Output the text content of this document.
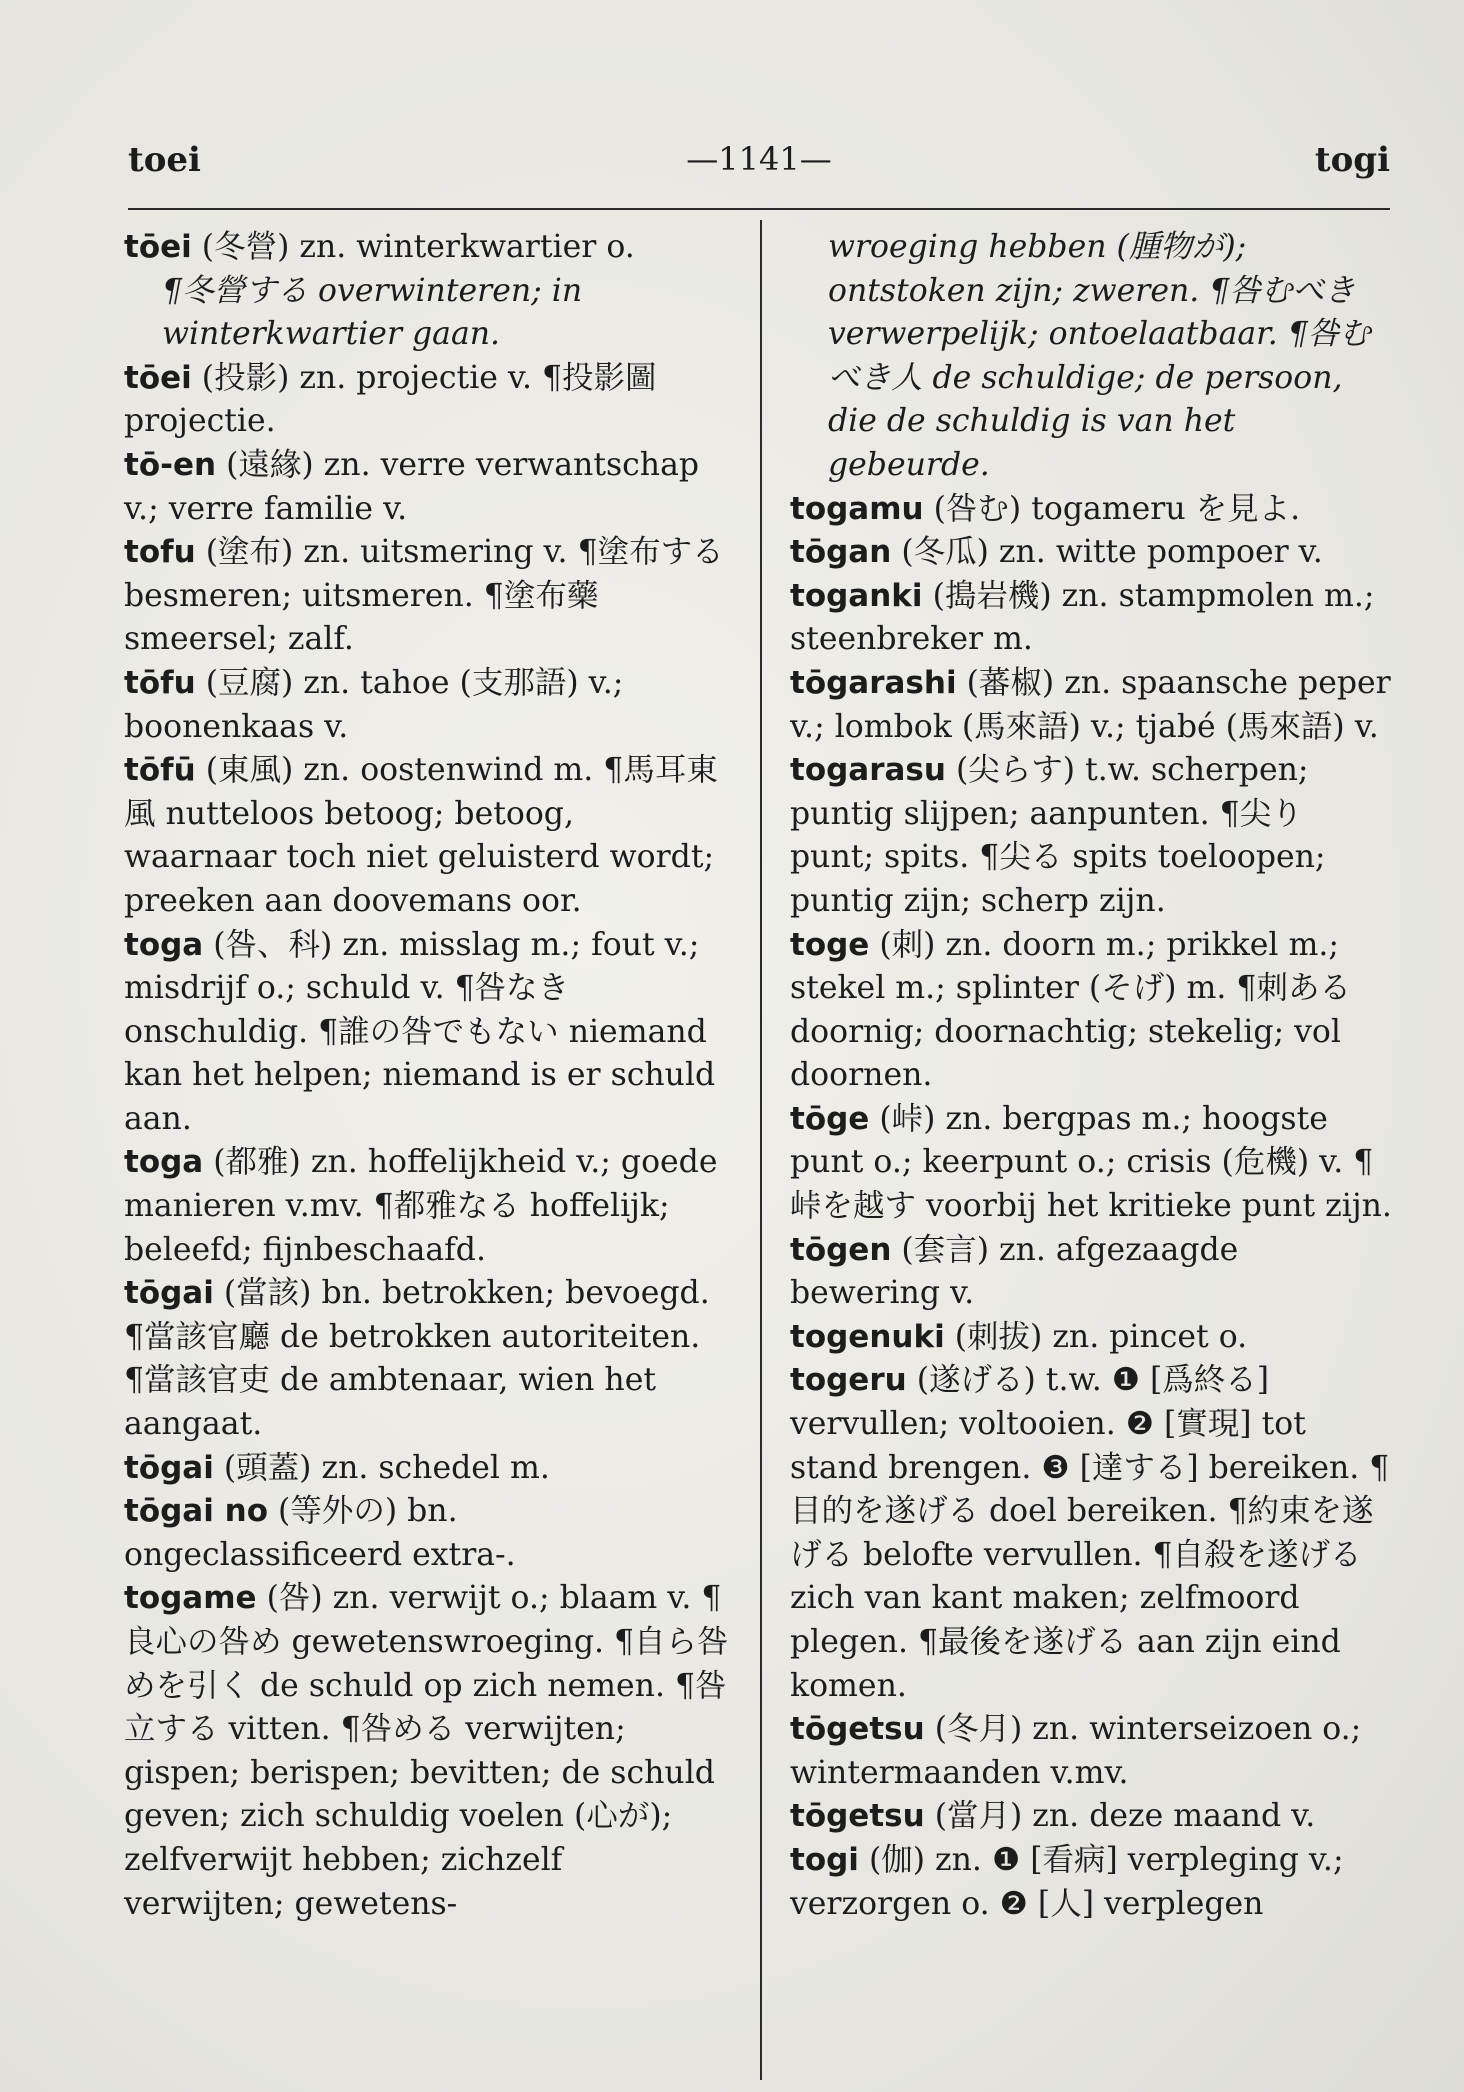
—1141—
toei	togi

tōei (冬營) zn. winterkwartier o.

¶冬營する overwinteren; in winterkwartier gaan.

tōei (投影) zn. projectie v. ¶投影圖 projectie.

tō-en (遠緣) zn. verre verwantschap v.; verre familie v.

tofu (塗布) zn. uitsmering v. ¶塗布する besmeren; uitsmeren. ¶塗布藥 smeersel; zalf.

tōfu (豆腐) zn. tahoe (支那語) v.; boonenkaas v.

tōfū (東風) zn. oostenwind m. ¶馬耳東風 nutteloos betoog; betoog, waarnaar toch niet geluisterd wordt; preeken aan doovemans oor.

toga (咎、科) zn. misslag m.; fout v.; misdrijf o.; schuld v. ¶咎なき onschuldig. ¶誰の咎でもない niemand kan het helpen; niemand is er schuld aan.

toga (都雅) zn. hoffelijkheid v.; goede manieren v.mv. ¶都雅なる hoffelijk; beleefd; fijnbeschaafd.

tōgai (當該) bn. betrokken; bevoegd. ¶當該官廳 de betrokken autoriteiten. ¶當該官吏 de ambtenaar, wien het aangaat.

tōgai (頭蓋) zn. schedel m.

tōgai no (等外の) bn. ongeclassificeerd extra-.

togame (咎) zn. verwijt o.; blaam v. ¶良心の咎め gewetenswroeging. ¶自ら咎めを引く de schuld op zich nemen. ¶咎立する vitten. ¶咎める verwijten; gispen; berispen; bevitten; de schuld geven; zich schuldig voelen (心が); zelfverwijt hebben; zichzelf verwijten; gewetens-

wroeging hebben (腫物が); ontstoken zijn; zweren. ¶咎むべき verwerpelijk; ontoelaatbaar. ¶咎むべき人 de schuldige; de persoon, die de schuldig is van het gebeurde.

togamu (咎む) togameru を見よ.

tōgan (冬瓜) zn. witte pompoer v.

toganki (搗岩機) zn. stampmolen m.; steenbreker m.

tōgarashi (蕃椒) zn. spaansche peper v.; lombok (馬來語) v.; tjabé (馬來語) v.

togarasu (尖らす) t.w. scherpen; puntig slijpen; aanpunten. ¶尖り punt; spits. ¶尖る spits toeloopen; puntig zijn; scherp zijn.

toge (刺) zn. doorn m.; prikkel m.; stekel m.; splinter (そげ) m. ¶刺ある doornig; doornachtig; stekelig; vol doornen.

tōge (峠) zn. bergpas m.; hoogste punt o.; keerpunt o.; crisis (危機) v. ¶峠を越す voorbij het kritieke punt zijn.

tōgen (套言) zn. afgezaagde bewering v.

togenuki (刺拔) zn. pincet o.

togeru (遂げる) t.w. ❶ [爲終る] vervullen; voltooien. ❷ [實現] tot stand brengen. ❸ [達する] bereiken. ¶目的を遂げる doel bereiken. ¶約束を遂げる belofte vervullen. ¶自殺を遂げる zich van kant maken; zelfmoord plegen. ¶最後を遂げる aan zijn eind komen.

tōgetsu (冬月) zn. winterseizoen o.; wintermaanden v.mv.

tōgetsu (當月) zn. deze maand v.

togi (伽) zn. ❶ [看病] verpleging v.; verzorgen o. ❷ [人] verplegen
